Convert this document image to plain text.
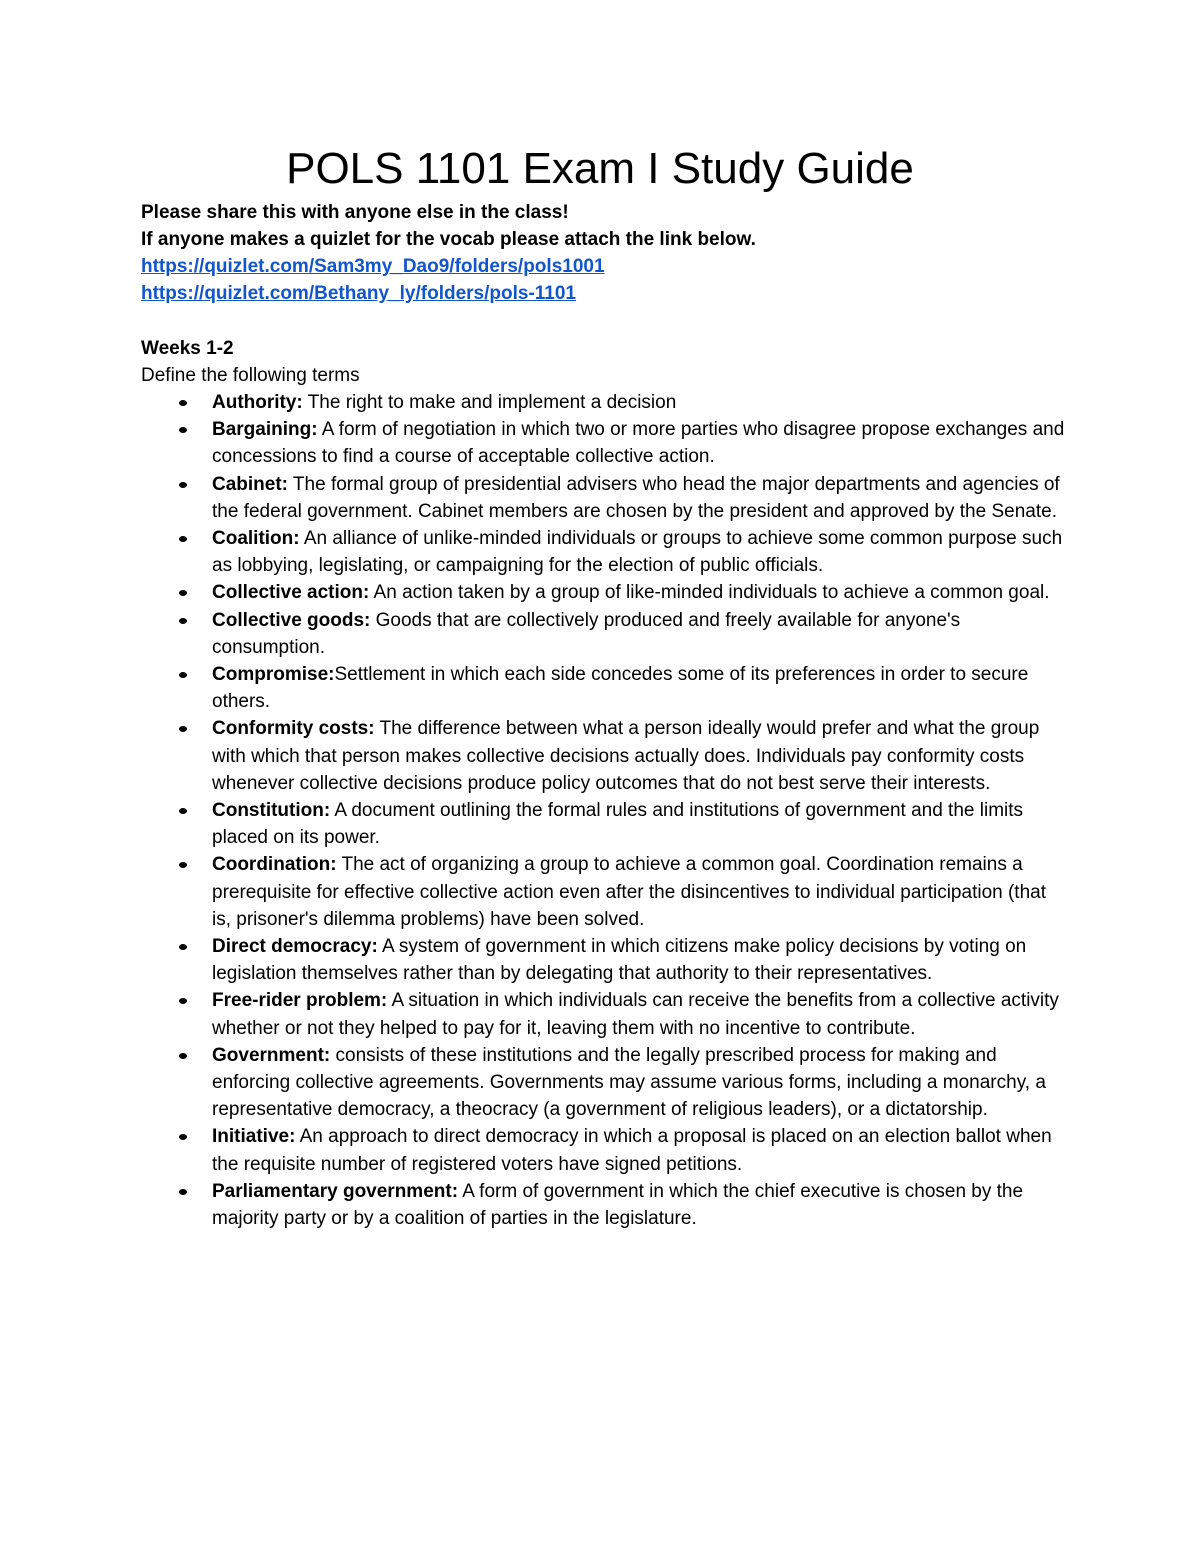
POLS 1101 Exam I Study Guide
Please share this with anyone else in the class!
If anyone makes a quizlet for the vocab please attach the link below.
https://quizlet.com/Sam3my_Dao9/folders/pols1001
https://quizlet.com/Bethany_ly/folders/pols-1101
Weeks 1-2
Define the following terms
Authority: The right to make and implement a decision
Bargaining: A form of negotiation in which two or more parties who disagree propose exchanges and concessions to find a course of acceptable collective action.
Cabinet: The formal group of presidential advisers who head the major departments and agencies of the federal government. Cabinet members are chosen by the president and approved by the Senate.
Coalition: An alliance of unlike-minded individuals or groups to achieve some common purpose such as lobbying, legislating, or campaigning for the election of public officials.
Collective action: An action taken by a group of like-minded individuals to achieve a common goal.
Collective goods: Goods that are collectively produced and freely available for anyone's consumption.
Compromise:Settlement in which each side concedes some of its preferences in order to secure others.
Conformity costs: The difference between what a person ideally would prefer and what the group with which that person makes collective decisions actually does. Individuals pay conformity costs whenever collective decisions produce policy outcomes that do not best serve their interests.
Constitution: A document outlining the formal rules and institutions of government and the limits placed on its power.
Coordination: The act of organizing a group to achieve a common goal. Coordination remains a prerequisite for effective collective action even after the disincentives to individual participation (that is, prisoner's dilemma problems) have been solved.
Direct democracy: A system of government in which citizens make policy decisions by voting on legislation themselves rather than by delegating that authority to their representatives.
Free-rider problem: A situation in which individuals can receive the benefits from a collective activity whether or not they helped to pay for it, leaving them with no incentive to contribute.
Government: consists of these institutions and the legally prescribed process for making and enforcing collective agreements. Governments may assume various forms, including a monarchy, a representative democracy, a theocracy (a government of religious leaders), or a dictatorship.
Initiative: An approach to direct democracy in which a proposal is placed on an election ballot when the requisite number of registered voters have signed petitions.
Parliamentary government: A form of government in which the chief executive is chosen by the majority party or by a coalition of parties in the legislature.
